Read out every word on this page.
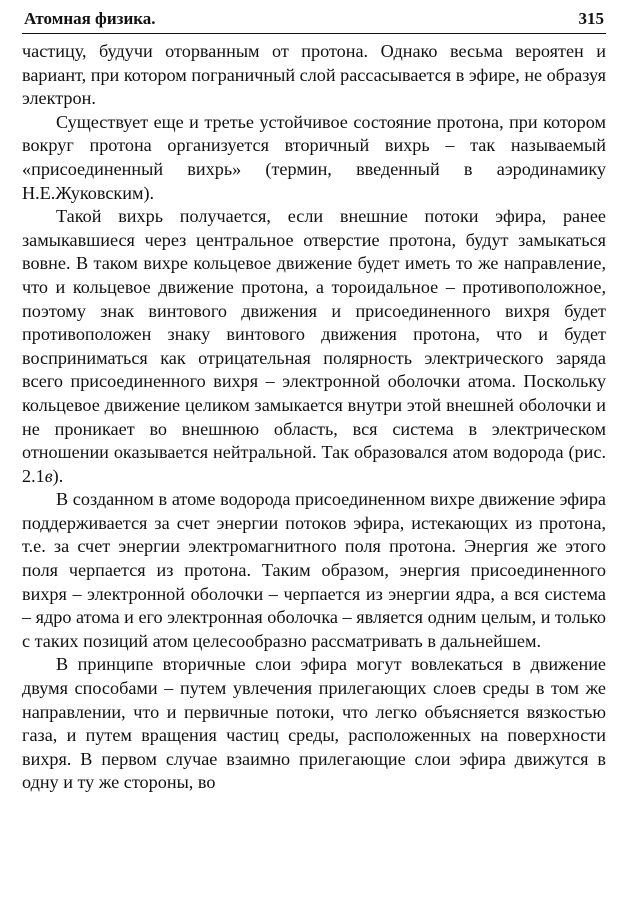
Атомная физика.	315

частицу, будучи оторванным от протона. Однако весьма вероятен и вариант, при котором пограничный слой рассасывается в эфире, не образуя электрон.

Существует еще и третье устойчивое состояние протона, при котором вокруг протона организуется вторичный вихрь – так называемый «присоединенный вихрь» (термин, введенный в аэродинамику Н.Е.Жуковским).

Такой вихрь получается, если внешние потоки эфира, ранее замыкавшиеся через центральное отверстие протона, будут замыкаться вовне. В таком вихре кольцевое движение будет иметь то же направление, что и кольцевое движение протона, а тороидальное – противоположное, поэтому знак винтового движения и присоединенного вихря будет противоположен знаку винтового движения протона, что и будет восприниматься как отрицательная полярность электрического заряда всего присоединенного вихря – электронной оболочки атома. Поскольку кольцевое движение целиком замыкается внутри этой внешней оболочки и не проникает во внешнюю область, вся система в электрическом отношении оказывается нейтральной. Так образовался атом водорода (рис. 2.1в).

В созданном в атоме водорода присоединенном вихре движение эфира поддерживается за счет энергии потоков эфира, истекающих из протона, т.е. за счет энергии электромагнитного поля протона. Энергия же этого поля черпается из протона. Таким образом, энергия присоединенного вихря – электронной оболочки – черпается из энергии ядра, а вся система – ядро атома и его электронная оболочка – является одним целым, и только с таких позиций атом целесообразно рассматривать в дальнейшем.

В принципе вторичные слои эфира могут вовлекаться в движение двумя способами – путем увлечения прилегающих слоев среды в том же направлении, что и первичные потоки, что легко объясняется вязкостью газа, и путем вращения частиц среды, расположенных на поверхности вихря. В первом случае взаимно прилегающие слои эфира движутся в одну и ту же стороны, во
